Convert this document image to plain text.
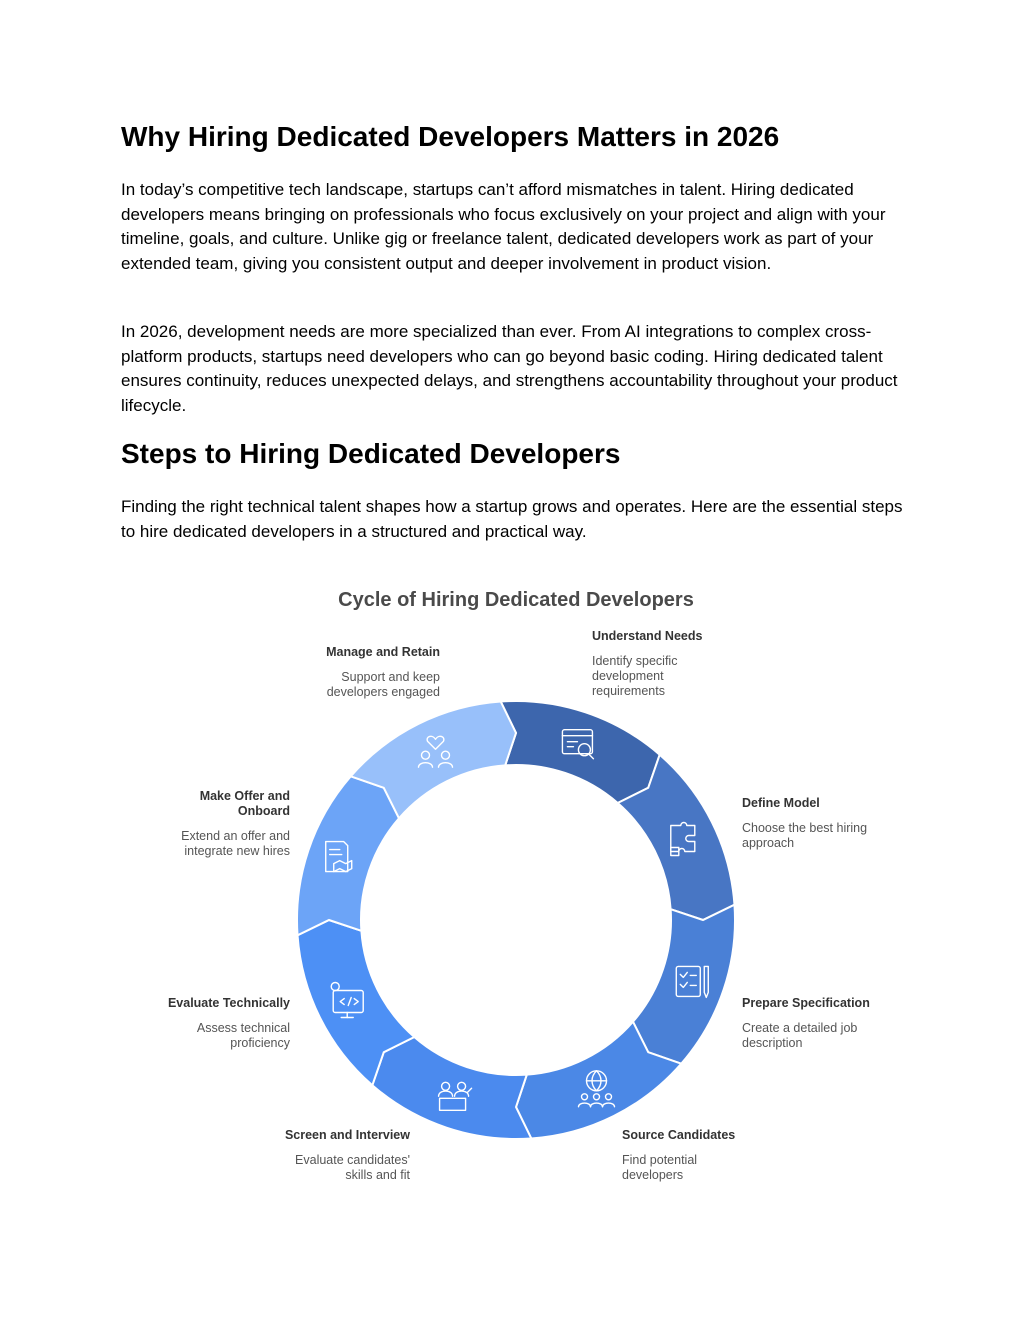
Why Hiring Dedicated Developers Matters in 2026

In today’s competitive tech landscape, startups can’t afford mismatches in talent. Hiring dedicated developers means bringing on professionals who focus exclusively on your project and align with your timeline, goals, and culture. Unlike gig or freelance talent, dedicated developers work as part of your extended team, giving you consistent output and deeper involvement in product vision.

In 2026, development needs are more specialized than ever. From AI integrations to complex cross-platform products, startups need developers who can go beyond basic coding. Hiring dedicated talent ensures continuity, reduces unexpected delays, and strengthens accountability throughout your product lifecycle.

Steps to Hiring Dedicated Developers

Finding the right technical talent shapes how a startup grows and operates. Here are the essential steps to hire dedicated developers in a structured and practical way.

Cycle of Hiring Dedicated Developers
Understand Needs
Identify specific
development
requirements
Define Model
Choose the best hiring
approach
Prepare Specification
Create a detailed job
description
Source Candidates
Find potential
developers
Screen and Interview
Evaluate candidates'
skills and fit
Evaluate Technically
Assess technical
proficiency
Make Offer and
Onboard
Extend an offer and
integrate new hires
Manage and Retain
Support and keep
developers engaged
